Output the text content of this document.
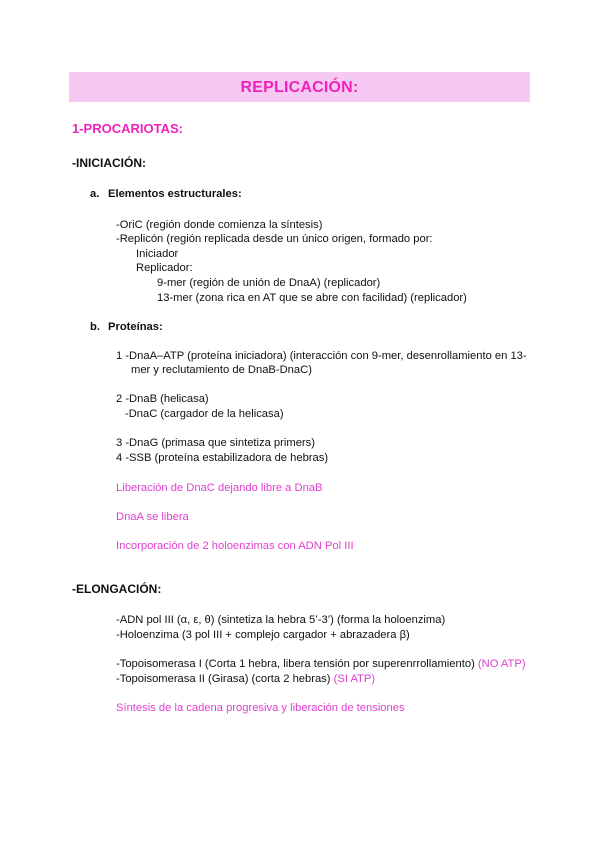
REPLICACIÓN:
1-PROCARIOTAS:
-INICIACIÓN:
a. Elementos estructurales:
-OriC (región donde comienza la síntesis)
-Replicón (región replicada desde un único origen, formado por:
Iniciador
Replicador:
9-mer (región de unión de DnaA) (replicador)
13-mer (zona rica en AT que se abre con facilidad) (replicador)
b. Proteínas:
1 -DnaA–ATP (proteína iniciadora) (interacción con 9-mer, desenrollamiento en 13-
mer y reclutamiento de DnaB-DnaC)
2 -DnaB (helicasa)
-DnaC (cargador de la helicasa)
3 -DnaG (primasa que sintetiza primers)
4 -SSB (proteína estabilizadora de hebras)
Liberación de DnaC dejando libre a DnaB
DnaA se libera
Incorporación de 2 holoenzimas con ADN Pol III
-ELONGACIÓN:
-ADN pol III (α, ε, θ) (sintetiza la hebra 5’-3’) (forma la holoenzima)
-Holoenzima (3 pol III + complejo cargador + abrazadera β)
-Topoisomerasa I (Corta 1 hebra, libera tensión por superenrrollamiento) (NO ATP)
-Topoisomerasa II (Girasa) (corta 2 hebras) (SI ATP)
Síntesis de la cadena progresiva y liberación de tensiones
